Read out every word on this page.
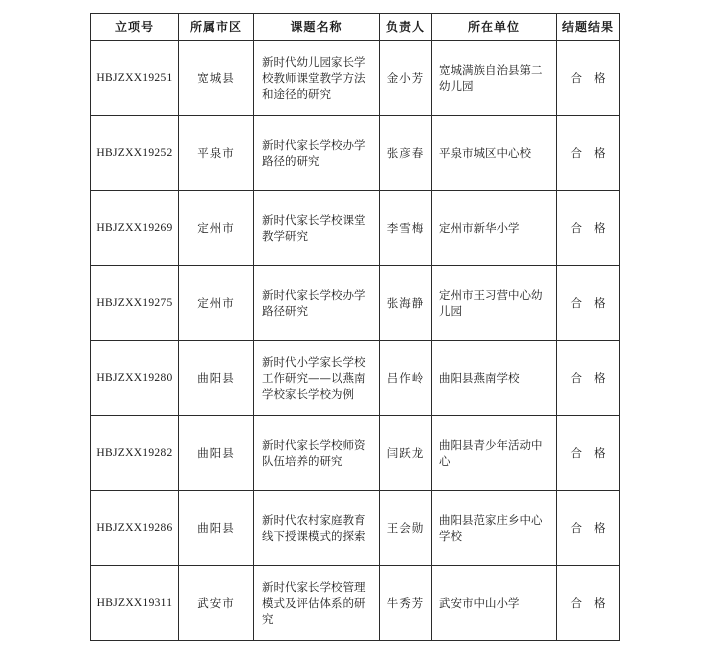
立项号	所属市区	课题名称	负责人	所在单位	结题结果
HBJZXX19251	宽城县	新时代幼儿园家长学校教师课堂教学方法和途径的研究	金小芳	宽城满族自治县第二幼儿园	合格
HBJZXX19252	平泉市	新时代家长学校办学路径的研究	张彦春	平泉市城区中心校	合格
HBJZXX19269	定州市	新时代家长学校课堂教学研究	李雪梅	定州市新华小学	合格
HBJZXX19275	定州市	新时代家长学校办学路径研究	张海静	定州市王习营中心幼儿园	合格
HBJZXX19280	曲阳县	新时代小学家长学校工作研究——以燕南学校家长学校为例	吕作岭	曲阳县燕南学校	合格
HBJZXX19282	曲阳县	新时代家长学校师资队伍培养的研究	闫跃龙	曲阳县青少年活动中心	合格
HBJZXX19286	曲阳县	新时代农村家庭教育线下授课模式的探索	王会勋	曲阳县范家庄乡中心学校	合格
HBJZXX19311	武安市	新时代家长学校管理模式及评估体系的研究	牛秀芳	武安市中山小学	合格
